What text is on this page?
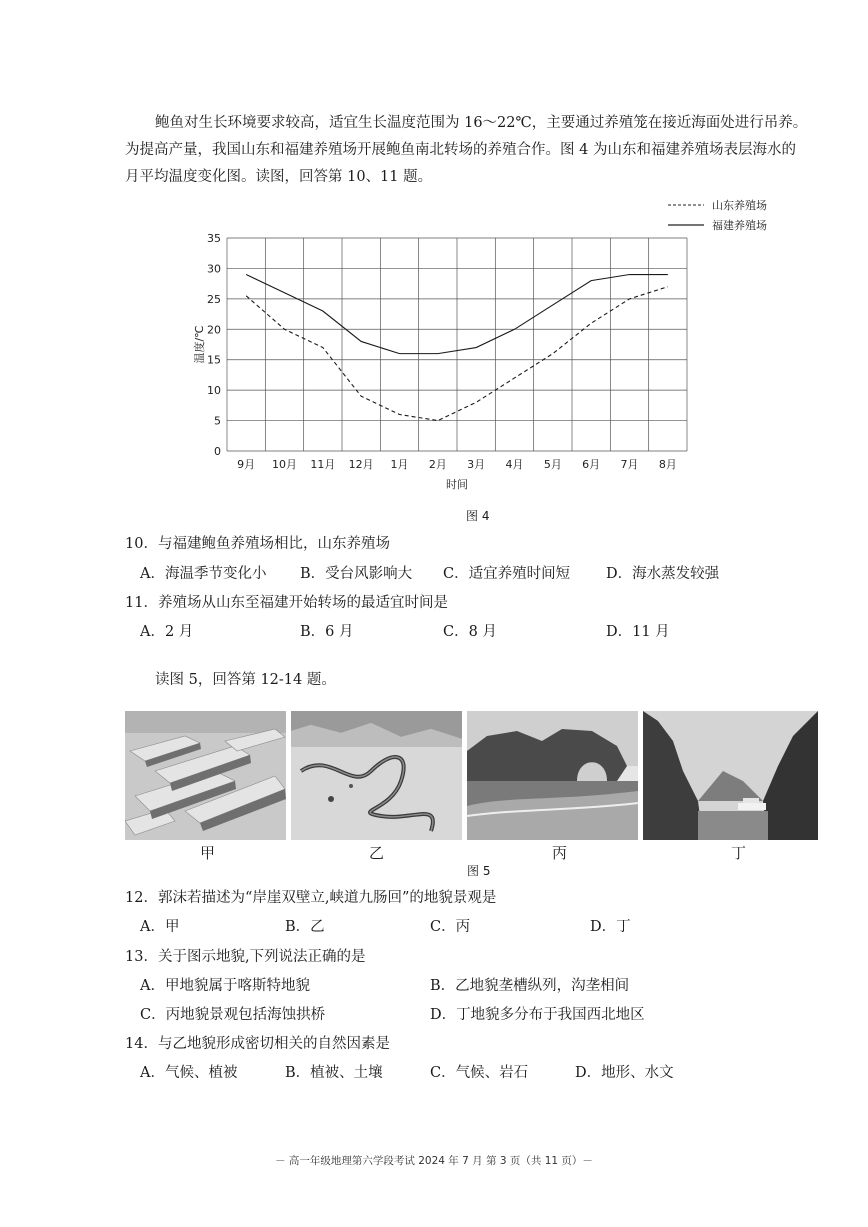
鲍鱼对生长环境要求较高，适宜生长温度范围为 16～22℃，主要通过养殖笼在接近海面处进行吊养。

为提高产量，我国山东和福建养殖场开展鲍鱼南北转场的养殖合作。图 4 为山东和福建养殖场表层海水的

月平均温度变化图。读图，回答第 10、11 题。

山东养殖场
福建养殖场
0
5
10
15
20
25
30
35
9月 10月 11月 12月 1月 2月 3月 4月 5月 6月 7月 8月
时间
温度/℃
图 4
10．与福建鲍鱼养殖场相比，山东养殖场
A．海温季节变化小 B．受台风影响大 C．适宜养殖时间短 D．海水蒸发较强
11．养殖场从山东至福建开始转场的最适宜时间是
A．2 月	B．6 月	C．8 月	D．11 月
读图 5，回答第 12-14 题。
甲	乙	丙	丁
图 5
12．郭沫若描述为“岸崖双壁立,峡道九肠回”的地貌景观是
A．甲	B．乙	C．丙	D．丁
13．关于图示地貌,下列说法正确的是
A．甲地貌属于喀斯特地貌	B．乙地貌垄槽纵列，沟垄相间
C．丙地貌景观包括海蚀拱桥	D．丁地貌多分布于我国西北地区
14．与乙地貌形成密切相关的自然因素是
A．气候、植被	B．植被、土壤	C．气候、岩石	D．地形、水文
－ 高一年级地理第六学段考试 2024 年 7 月 第 3 页（共 11 页）－
